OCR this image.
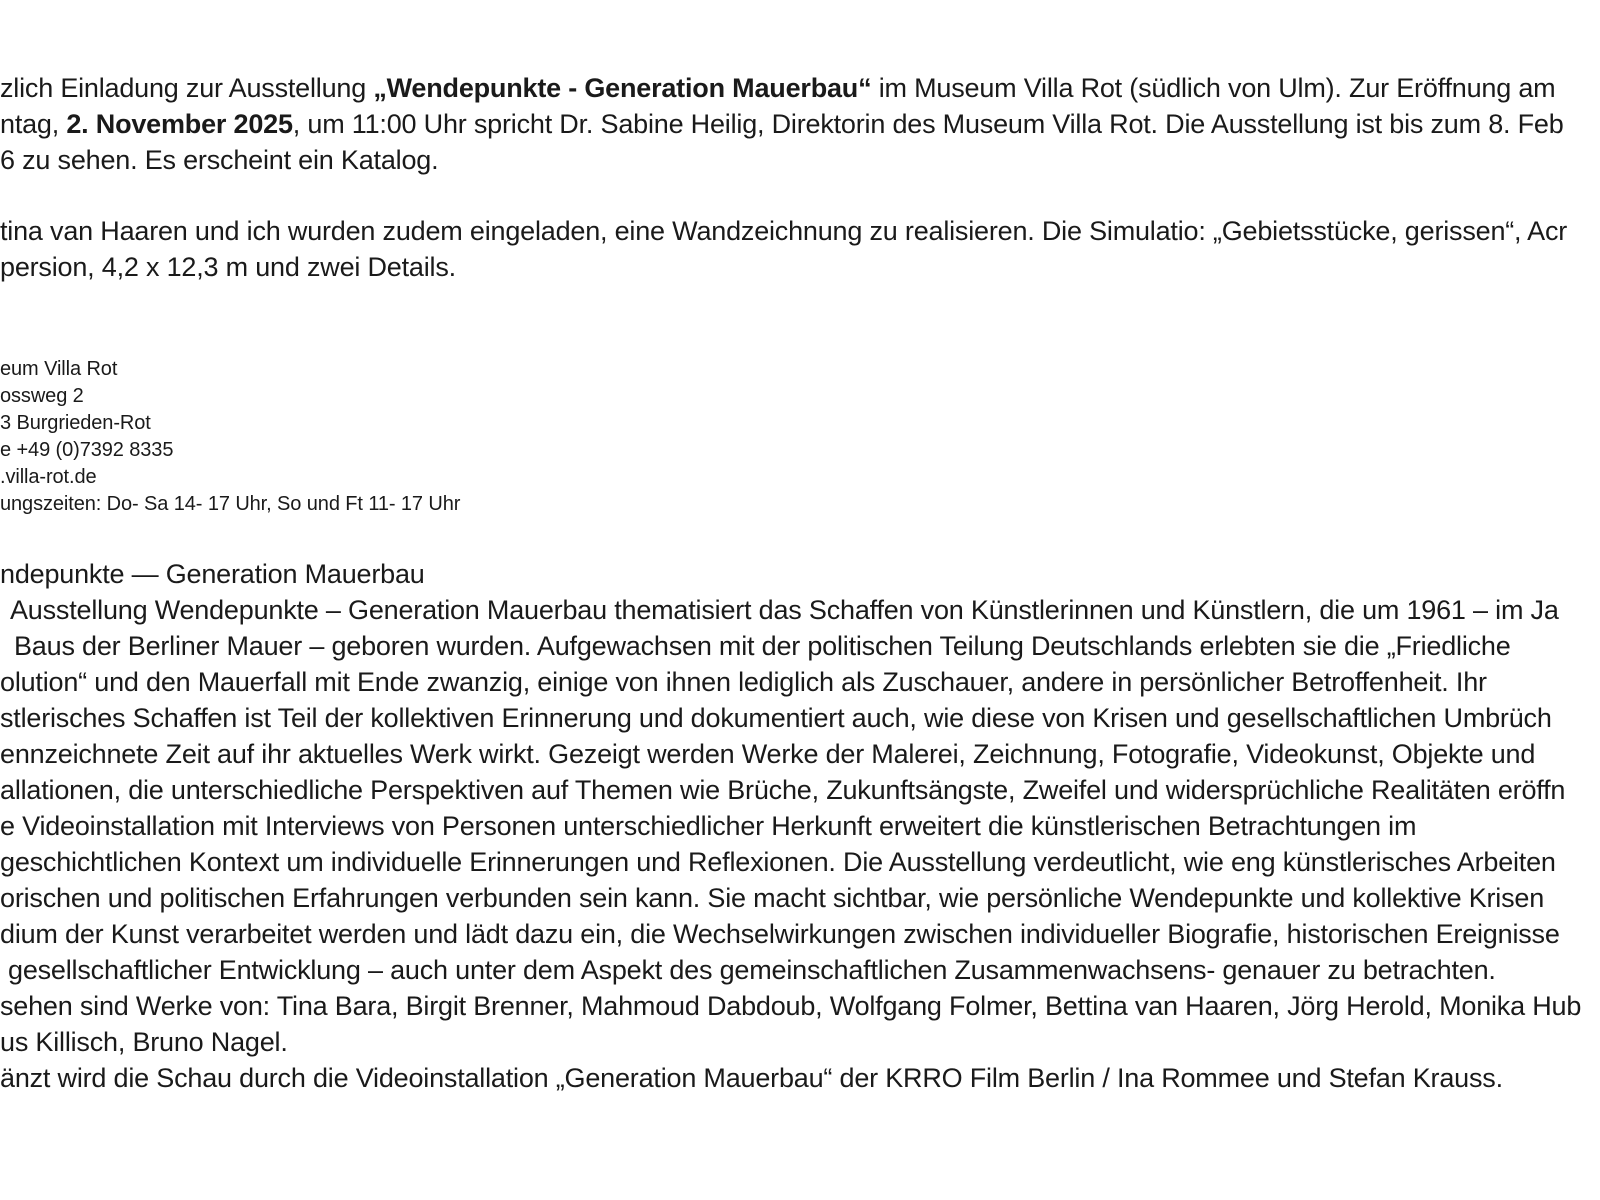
zlich Einladung zur Ausstellung „Wendepunkte - Generation Mauerbau“ im Museum Villa Rot (südlich von Ulm). Zur Eröffnung am
ntag, 2. November 2025, um 11:00 Uhr spricht Dr. Sabine Heilig, Direktorin des Museum Villa Rot. Die Ausstellung ist bis zum 8. Feb
6 zu sehen. Es erscheint ein Katalog.
tina van Haaren und ich wurden zudem eingeladen, eine Wandzeichnung zu realisieren. Die Simulatio: „Gebietsstücke, gerissen“, Acr
persion, 4,2 x 12,3 m und zwei Details.
eum Villa Rot
ossweg 2
3 Burgrieden-Rot
e +49 (0)7392 8335
.villa-rot.de
ungszeiten: Do- Sa 14- 17 Uhr, So und Ft 11- 17 Uhr
ndepunkte — Generation Mauerbau
Ausstellung Wendepunkte – Generation Mauerbau thematisiert das Schaffen von Künstlerinnen und Künstlern, die um 1961 – im Ja
Baus der Berliner Mauer – geboren wurden. Aufgewachsen mit der politischen Teilung Deutschlands erlebten sie die „Friedliche
olution“ und den Mauerfall mit Ende zwanzig, einige von ihnen lediglich als Zuschauer, andere in persönlicher Betroffenheit. Ihr
stlerisches Schaffen ist Teil der kollektiven Erinnerung und dokumentiert auch, wie diese von Krisen und gesellschaftlichen Umbrüch
ennzeichnete Zeit auf ihr aktuelles Werk wirkt. Gezeigt werden Werke der Malerei, Zeichnung, Fotografie, Videokunst, Objekte und
allationen, die unterschiedliche Perspektiven auf Themen wie Brüche, Zukunftsängste, Zweifel und widersprüchliche Realitäten eröffn
e Videoinstallation mit Interviews von Personen unterschiedlicher Herkunft erweitert die künstlerischen Betrachtungen im
geschichtlichen Kontext um individuelle Erinnerungen und Reflexionen. Die Ausstellung verdeutlicht, wie eng künstlerisches Arbeiten
orischen und politischen Erfahrungen verbunden sein kann. Sie macht sichtbar, wie persönliche Wendepunkte und kollektive Krisen
dium der Kunst verarbeitet werden und lädt dazu ein, die Wechselwirkungen zwischen individueller Biografie, historischen Ereignisse
gesellschaftlicher Entwicklung – auch unter dem Aspekt des gemeinschaftlichen Zusammenwachsens- genauer zu betrachten.
sehen sind Werke von: Tina Bara, Birgit Brenner, Mahmoud Dabdoub, Wolfgang Folmer, Bettina van Haaren, Jörg Herold, Monika Hub
us Killisch, Bruno Nagel.
änzt wird die Schau durch die Videoinstallation „Generation Mauerbau“ der KRRO Film Berlin / Ina Rommee und Stefan Krauss.
